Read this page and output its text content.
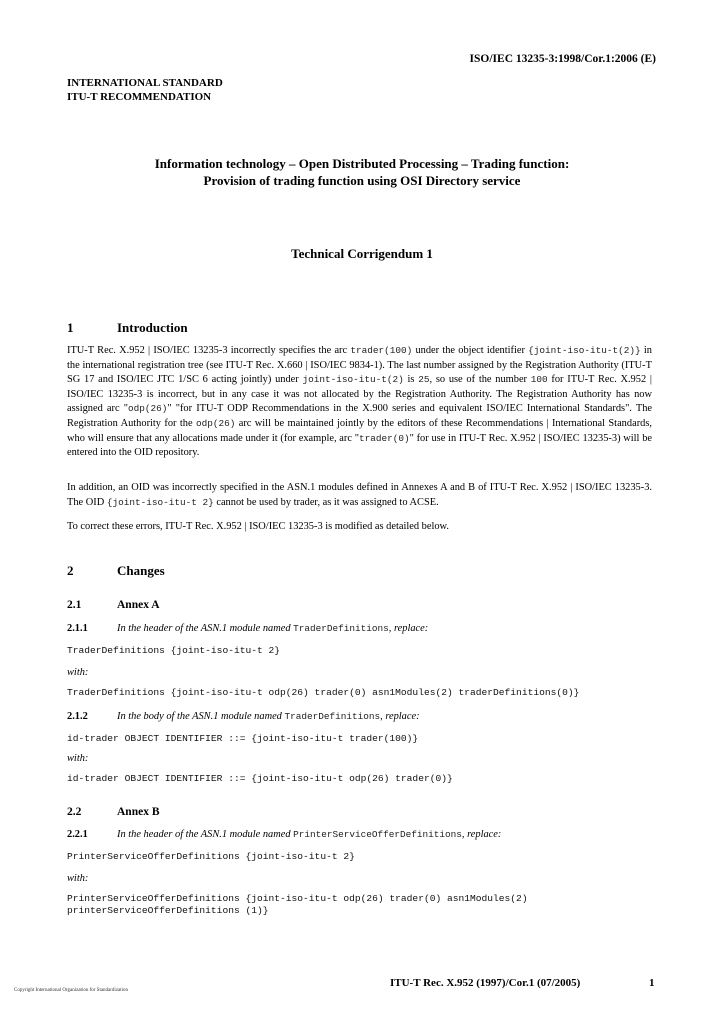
ISO/IEC 13235-3:1998/Cor.1:2006 (E)
INTERNATIONAL STANDARD
ITU-T RECOMMENDATION
Information technology – Open Distributed Processing – Trading function:
Provision of trading function using OSI Directory service
Technical Corrigendum 1
1	Introduction
ITU-T Rec. X.952 | ISO/IEC 13235-3 incorrectly specifies the arc trader(100) under the object identifier {joint-iso-itu-t(2)} in the international registration tree (see ITU-T Rec. X.660 | ISO/IEC 9834-1). The last number assigned by the Registration Authority (ITU-T SG 17 and ISO/IEC JTC 1/SC 6 acting jointly) under joint-iso-itu-t(2) is 25, so use of the number 100 for ITU-T Rec. X.952 | ISO/IEC 13235-3 is incorrect, but in any case it was not allocated by the Registration Authority. The Registration Authority has now assigned arc "odp(26)" "for ITU-T ODP Recommendations in the X.900 series and equivalent ISO/IEC International Standards". The Registration Authority for the odp(26) arc will be maintained jointly by the editors of these Recommendations | International Standards, who will ensure that any allocations made under it (for example, arc "trader(0)" for use in ITU-T Rec. X.952 | ISO/IEC 13235-3) will be entered into the OID repository.
In addition, an OID was incorrectly specified in the ASN.1 modules defined in Annexes A and B of ITU-T Rec. X.952 | ISO/IEC 13235-3. The OID {joint-iso-itu-t 2} cannot be used by trader, as it was assigned to ACSE.
To correct these errors, ITU-T Rec. X.952 | ISO/IEC 13235-3 is modified as detailed below.
2	Changes
2.1	Annex A
2.1.1	In the header of the ASN.1 module named TraderDefinitions, replace:
TraderDefinitions {joint-iso-itu-t 2}
with:
TraderDefinitions {joint-iso-itu-t odp(26) trader(0) asn1Modules(2) traderDefinitions(0)}
2.1.2	In the body of the ASN.1 module named TraderDefinitions, replace:
id-trader OBJECT IDENTIFIER ::= {joint-iso-itu-t trader(100)}
with:
id-trader OBJECT IDENTIFIER ::= {joint-iso-itu-t odp(26) trader(0)}
2.2	Annex B
2.2.1	In the header of the ASN.1 module named PrinterServiceOfferDefinitions, replace:
PrinterServiceOfferDefinitions {joint-iso-itu-t 2}
with:
PrinterServiceOfferDefinitions {joint-iso-itu-t odp(26) trader(0) asn1Modules(2)
printerServiceOfferDefinitions (1)}
Copyright International Organization for Standardization
ITU-T Rec. X.952 (1997)/Cor.1 (07/2005)	1
